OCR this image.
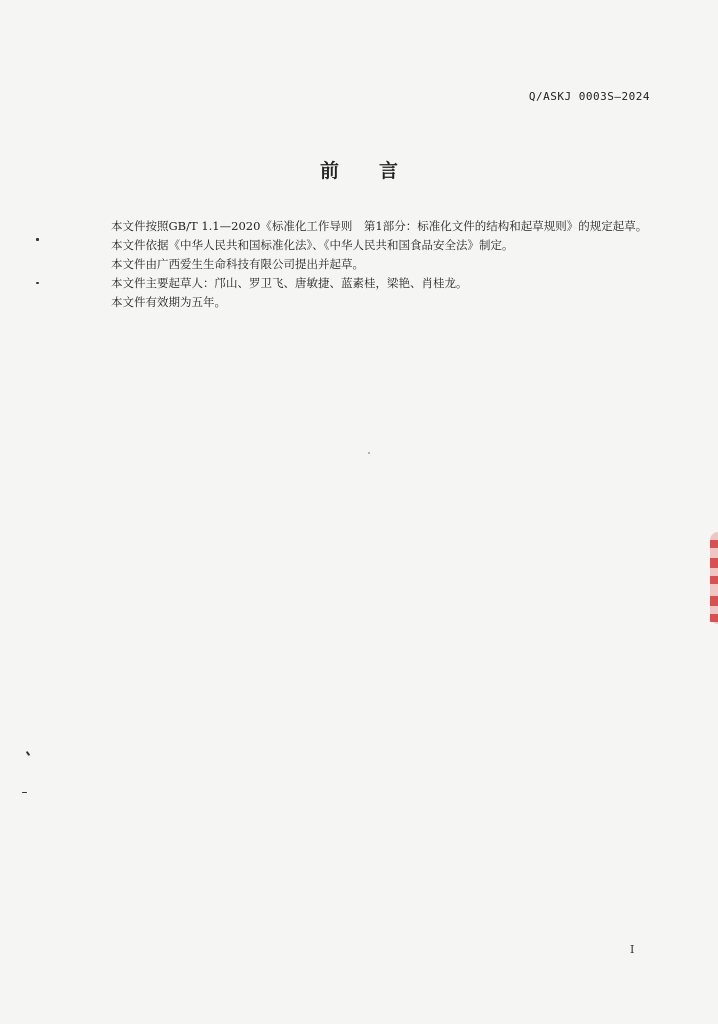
Q/ASKJ 0003S—2024
前 言

本文件按照GB/T 1.1—2020《标准化工作导则　第1部分：标准化文件的结构和起草规则》的规定起草。

本文件依据《中华人民共和国标准化法》、《中华人民共和国食品安全法》制定。

本文件由广西爱生生命科技有限公司提出并起草。

本文件主要起草人：邝山、罗卫飞、唐敏捷、蓝素桂，梁艳、肖桂龙。

本文件有效期为五年。

I
